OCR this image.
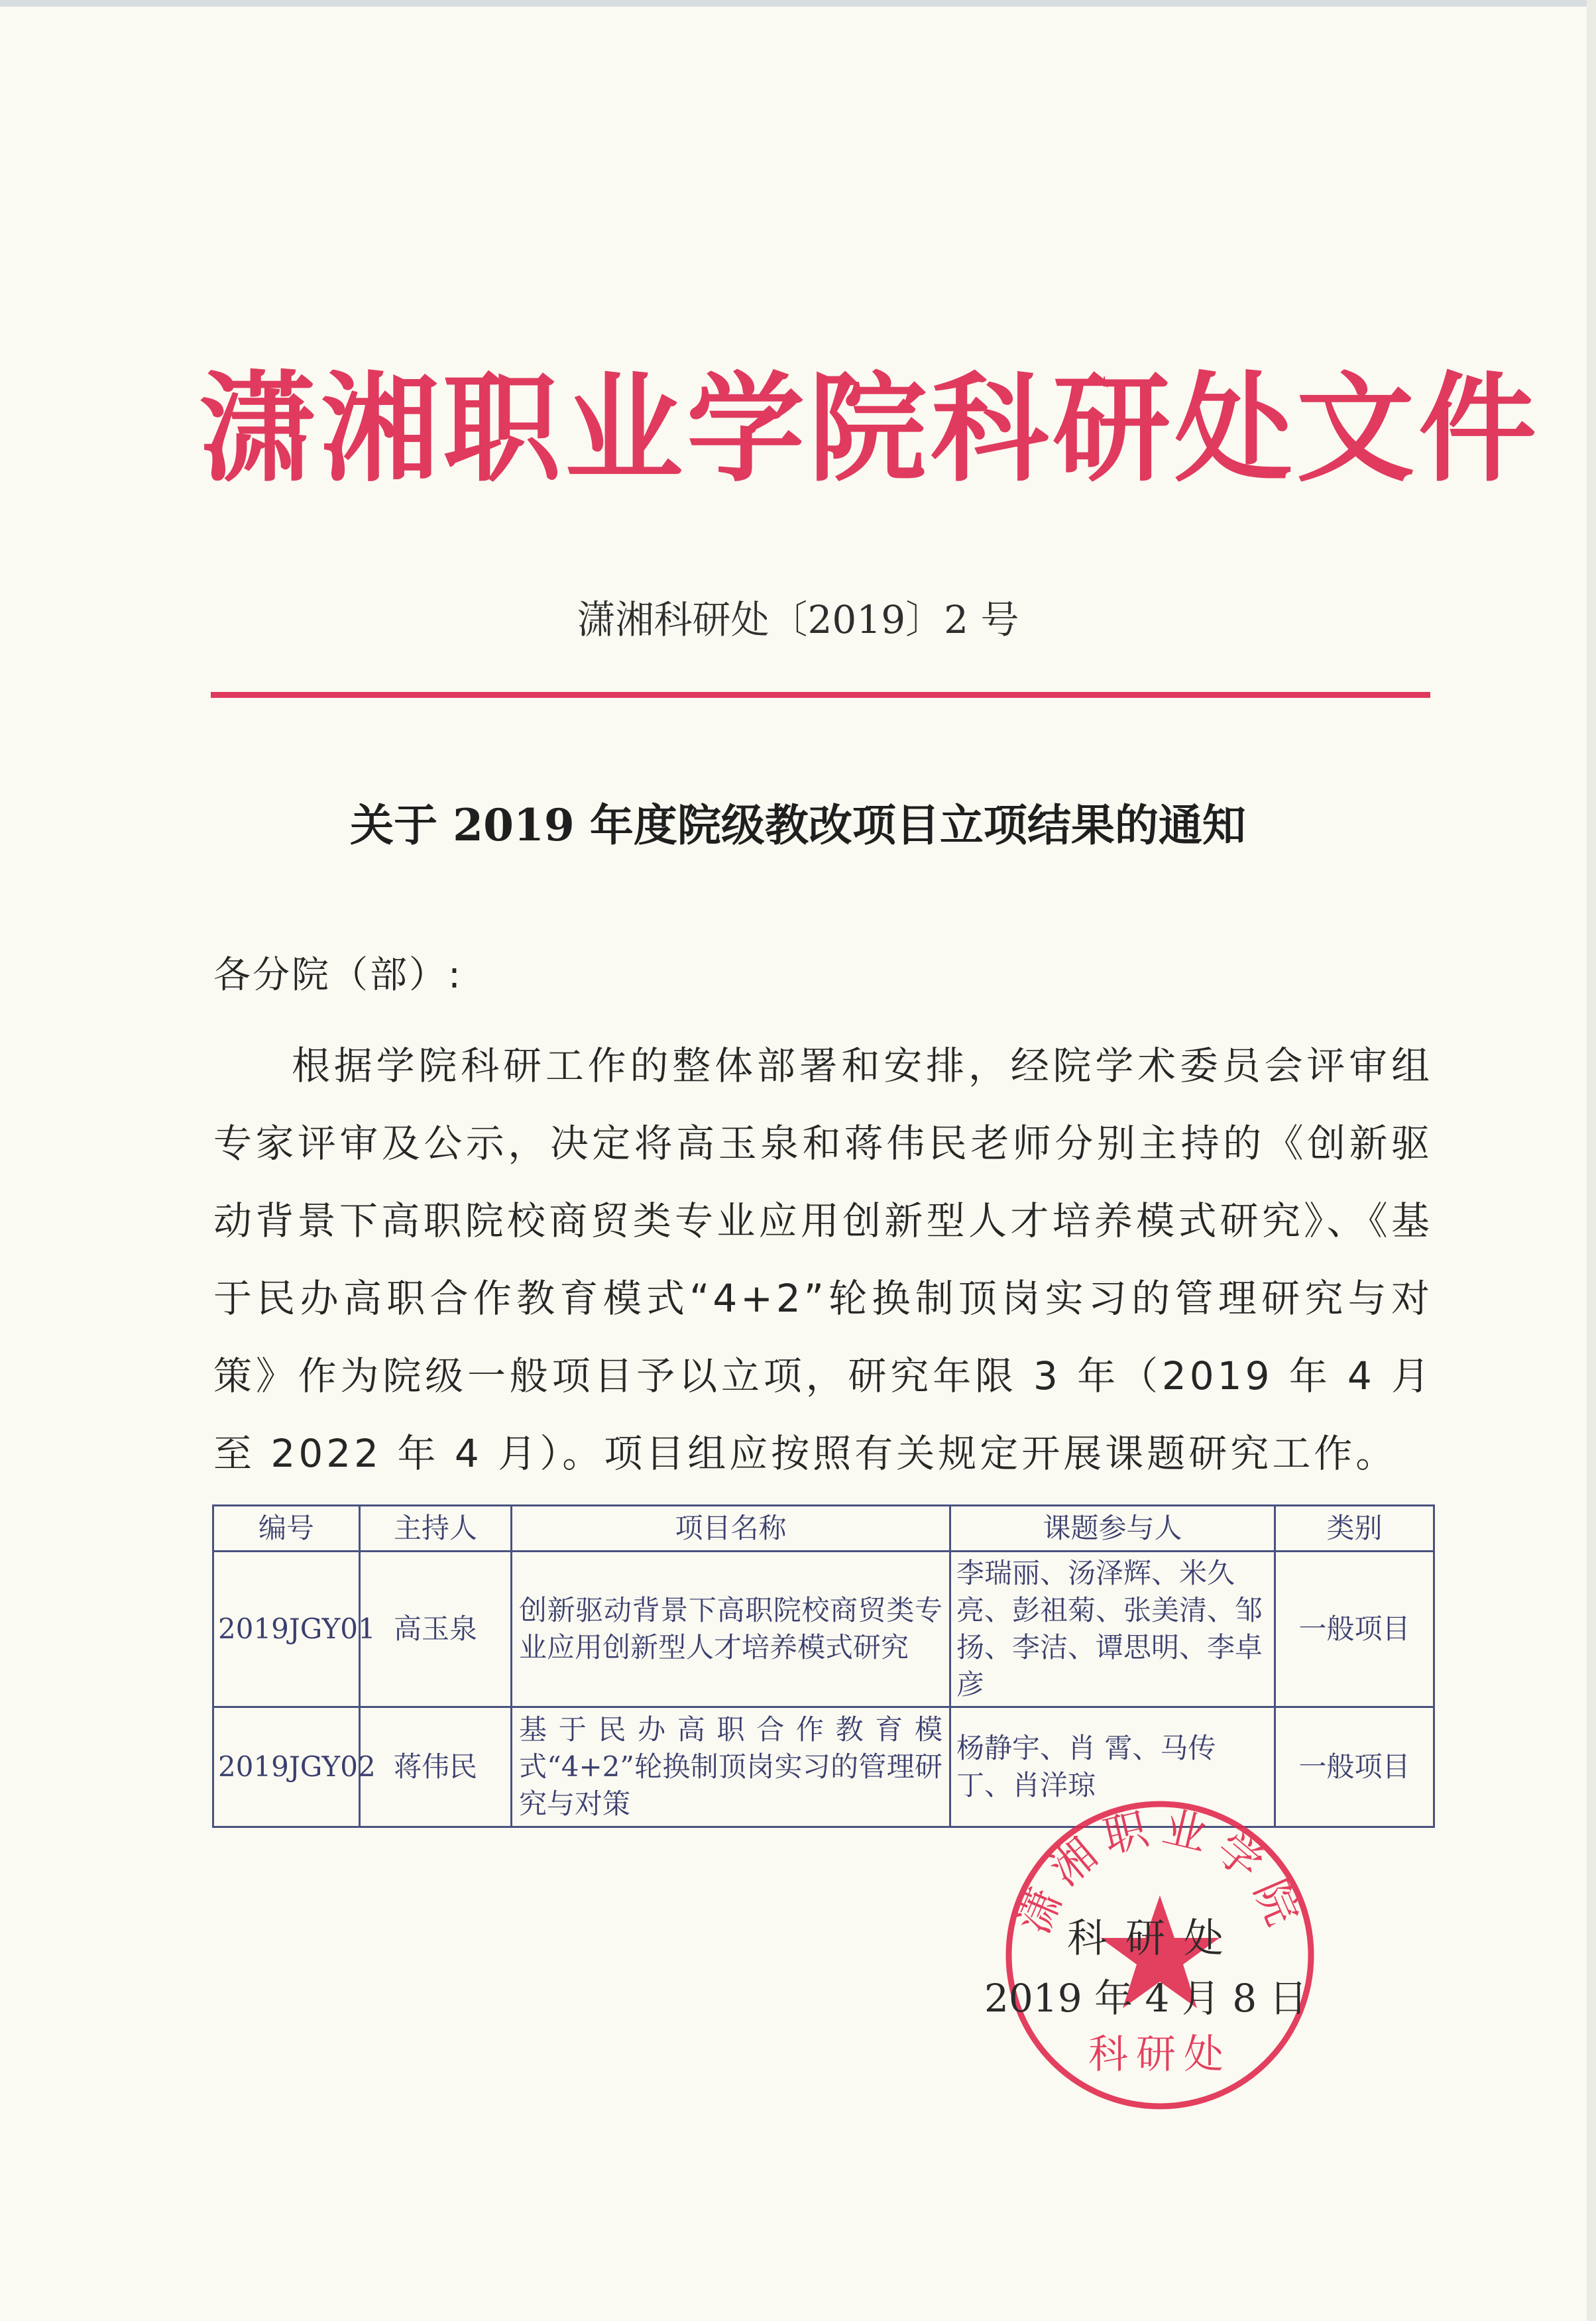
潇湘职业学院科研处文件
潇湘科研处〔2019〕2 号
关于 2019 年度院级教改项目立项结果的通知
各分院（部）:
根据学院科研工作的整体部署和安排，经院学术委员会评审组专家评审及公示，决定将高玉泉和蒋伟民老师分别主持的《创新驱动背景下高职院校商贸类专业应用创新型人才培养模式研究》、《基于民办高职合作教育模式“4+2”轮换制顶岗实习的管理研究与对策》作为院级一般项目予以立项，研究年限 3 年（2019 年 4 月至 2022 年 4 月）。项目组应按照有关规定开展课题研究工作。
编号	主持人	项目名称	课题参与人	类别
2019JGY01	高玉泉	创新驱动背景下高职院校商贸类专业应用创新型人才培养模式研究	李瑞丽、汤泽辉、米久亮、彭祖菊、张美清、邹扬、李洁、谭思明、李卓彦	一般项目
2019JGY02	蒋伟民	基于民办高职合作教育模式“4+2”轮换制顶岗实习的管理研究与对策	杨静宇、肖 霄、马传丁、肖洋琼	一般项目
潇湘职业学院
科研处
科研处
2019 年 4 月 8 日
